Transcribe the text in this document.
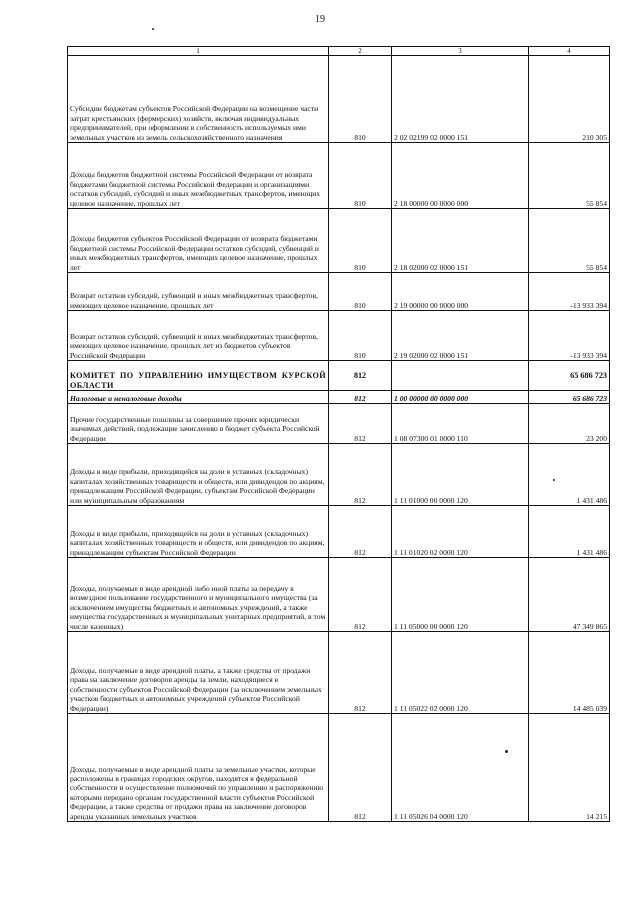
19
1	2	3	4
Субсидии бюджетам субъектов Российской Федерации на возмещение части затрат крестьянских (фермерских) хозяйств, включая индивидуальных предпринимателей, при оформлении в собственность используемых ими земельных участков из земель сельскохозяйственного назначения	810	2 02 02199 02 0000 151	210 305
Доходы бюджетов бюджетной системы Российской Федерации от возврата бюджетами бюджетной системы Российской Федерации и организациями остатков субсидий, субсидий и иных межбюджетных трансфертов, имеющих целевое назначение, прошлых лет	810	2 18 00000 00 0000 000	55 854
Доходы бюджетов субъектов Российской Федерации от возврата бюджетами бюджетной системы Российской Федерации остатков субсидий, субвенций и иных межбюджетных трансфертов, имеющих целевое назначение, прошлых лет	810	2 18 02000 02 0000 151	55 854
Возврат остатков субсидий, субвенций и иных межбюджетных трансфертов, имеющих целевое назначение, прошлых лет	810	2 19 00000 00 0000 000	-13 933 394
Возврат остатков субсидий, субвенций и иных межбюджетных трансфертов, имеющих целевое назначение, прошлых лет из бюджетов субъектов Российской Федерации	810	2 19 02000 02 0000 151	-13 933 394
КОМИТЕТ ПО УПРАВЛЕНИЮ ИМУЩЕСТВОМ КУРСКОЙ ОБЛАСТИ	812		65 686 723
Налоговые и неналоговые доходы	812	1 00 00000 00 0000 000	65 686 723
Прочие государственные пошлины за совершение прочих юридически значимых действий, подлежащие зачислению в бюджет субъекта Российской Федерации	812	1 08 07300 01 0000 110	23 200
Доходы в виде прибыли, приходящейся на доли в уставных (складочных) капиталах хозяйственных товариществ и обществ, или дивидендов по акциям, принадлежащим Российской Федерации, субъектам Российской Федерации или муниципальным образованиям	812	1 11 01000 00 0000 120	1 431 486
Доходы в виде прибыли, приходящейся на доли в уставных (складочных) капиталах хозяйственных товариществ и обществ, или дивидендов по акциям, принадлежащим субъектам Российской Федерации	812	1 11 01020 02 0000 120	1 431 486
Доходы, получаемые в виде арендной либо иной платы за передачу в возмездное пользование государственного и муниципального имущества (за исключением имущества бюджетных и автономных учреждений, а также имущества государственных и муниципальных унитарных предприятий, в том числе казенных)	812	1 11 05000 00 0000 120	47 349 865
Доходы, получаемые в виде арендной платы, а также средства от продажи права на заключение договоров аренды за земли, находящиеся в собственности субъектов Российской Федерации (за исключением земельных участков бюджетных и автономных учреждений субъектов Российской Федерации)	812	1 11 05022 02 0000 120	14 485 039
Доходы, получаемые в виде арендной платы за земельные участки, которые расположены в границах городских округов, находятся в федеральной собственности и осуществление полномочий по управлению и распоряжению которыми передано органам государственной власти субъектов Российской Федерации, а также средства от продажи права на заключение договоров аренды указанных земельных участков	812	1 11 05026 04 0000 120	14 215
